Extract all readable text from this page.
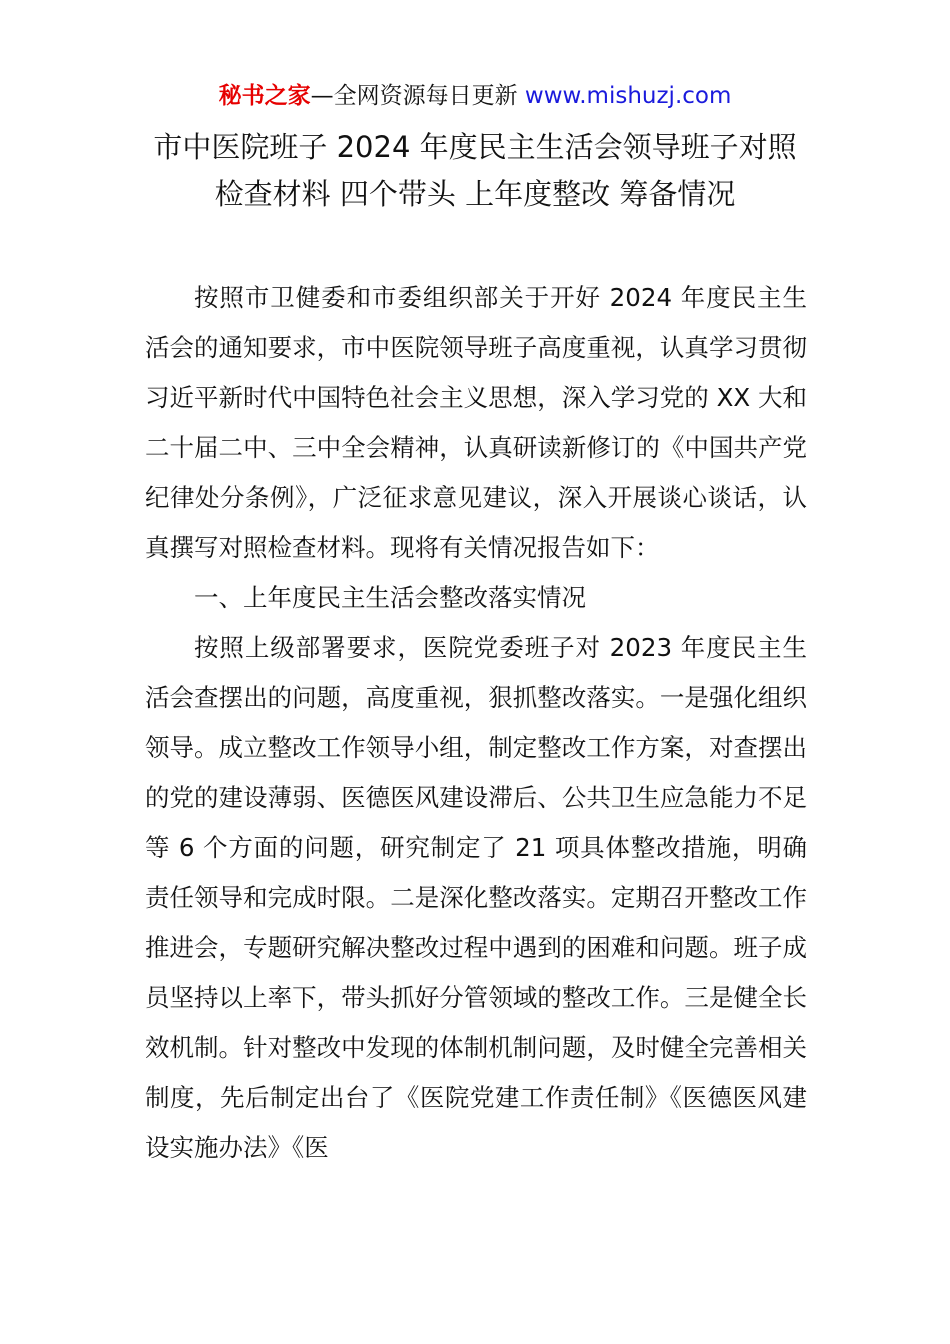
秘书之家—全网资源每日更新 www.mishuzj.com
市中医院班子 2024 年度民主生活会领导班子对照检查材料 四个带头 上年度整改 筹备情况

按照市卫健委和市委组织部关于开好 2024 年度民主生活会的通知要求，市中医院领导班子高度重视，认真学习贯彻习近平新时代中国特色社会主义思想，深入学习党的 XX 大和二十届二中、三中全会精神，认真研读新修订的《中国共产党纪律处分条例》，广泛征求意见建议，深入开展谈心谈话，认真撰写对照检查材料。现将有关情况报告如下：

一、上年度民主生活会整改落实情况

按照上级部署要求，医院党委班子对 2023 年度民主生活会查摆出的问题，高度重视，狠抓整改落实。一是强化组织领导。成立整改工作领导小组，制定整改工作方案，对查摆出的党的建设薄弱、医德医风建设滞后、公共卫生应急能力不足等 6 个方面的问题，研究制定了 21 项具体整改措施，明确责任领导和完成时限。二是深化整改落实。定期召开整改工作推进会，专题研究解决整改过程中遇到的困难和问题。班子成员坚持以上率下，带头抓好分管领域的整改工作。三是健全长效机制。针对整改中发现的体制机制问题，及时健全完善相关制度，先后制定出台了《医院党建工作责任制》《医德医风建设实施办法》《医
